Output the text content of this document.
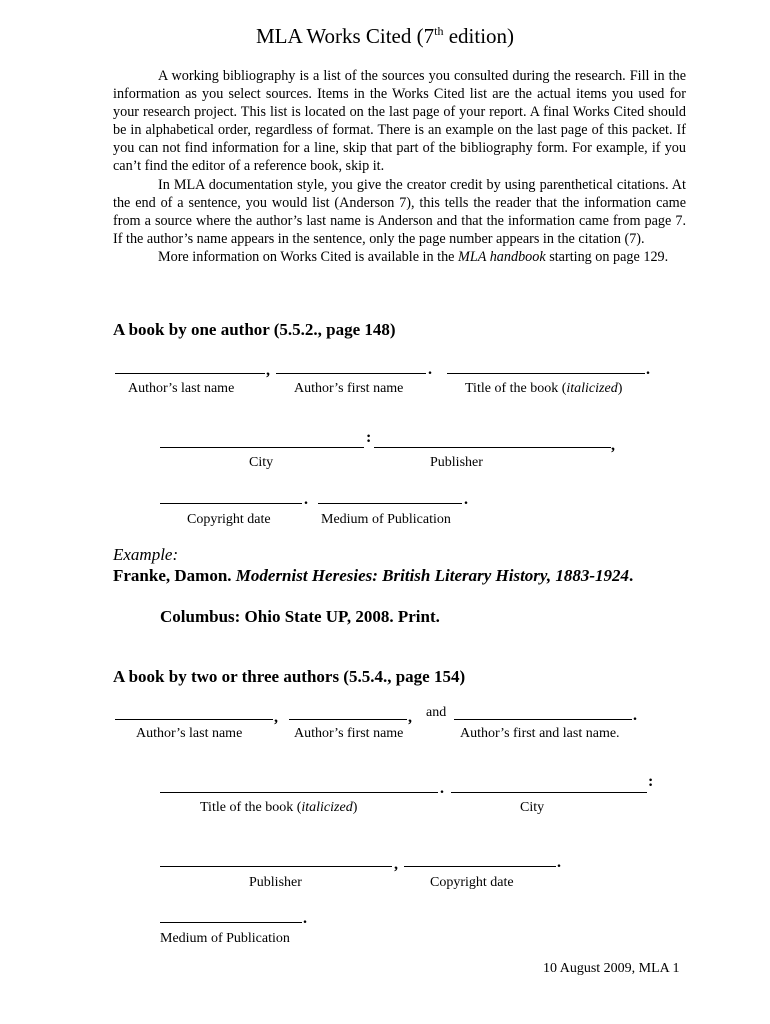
MLA Works Cited (7th edition)

A working bibliography is a list of the sources you consulted during the research. Fill in the information as you select sources. Items in the Works Cited list are the actual items you used for your research project. This list is located on the last page of your report. A final Works Cited should be in alphabetical order, regardless of format. There is an example on the last page of this packet. If you can not find information for a line, skip that part of the bibliography form. For example, if you can’t find the editor of a reference book, skip it.

In MLA documentation style, you give the creator credit by using parenthetical citations. At the end of a sentence, you would list (Anderson 7), this tells the reader that the information came from a source where the author’s last name is Anderson and that the information came from page 7. If the author’s name appears in the sentence, only the page number appears in the citation (7).

More information on Works Cited is available in the MLA handbook starting on page 129.

A book by one author (5.5.2., page 148)
,	.	.
Author’s last name	Author’s first name	Title of the book (italicized)
:	,
City	Publisher
.	.
Copyright date	Medium of Publication
Example:
Franke, Damon. Modernist Heresies: British Literary History, 1883-1924.
Columbus: Ohio State UP, 2008. Print.
A book by two or three authors (5.5.4., page 154)
,	, and	.
Author’s last name	Author’s first name	Author’s first and last name.
.	:
Title of the book (italicized)	City
,	.
Publisher	Copyright date
.
Medium of Publication
10 August 2009, MLA 1
